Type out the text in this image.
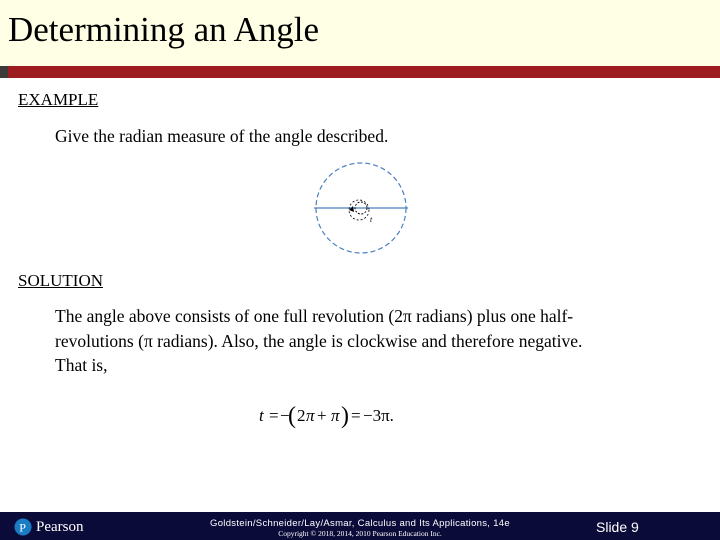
Determining an Angle
EXAMPLE
Give the radian measure of the angle described.
t
SOLUTION
The angle above consists of one full revolution (2π radians) plus one half-
revolutions (π radians). Also, the angle is clockwise and therefore negative.
That is,
t = −
( 2 π + π ) = −3π.
P Pearson	Goldstein/Schneider/Lay/Asmar, Calculus and Its Applications, 14e
Copyright © 2018, 2014, 2010 Pearson Education Inc.	Slide 9
